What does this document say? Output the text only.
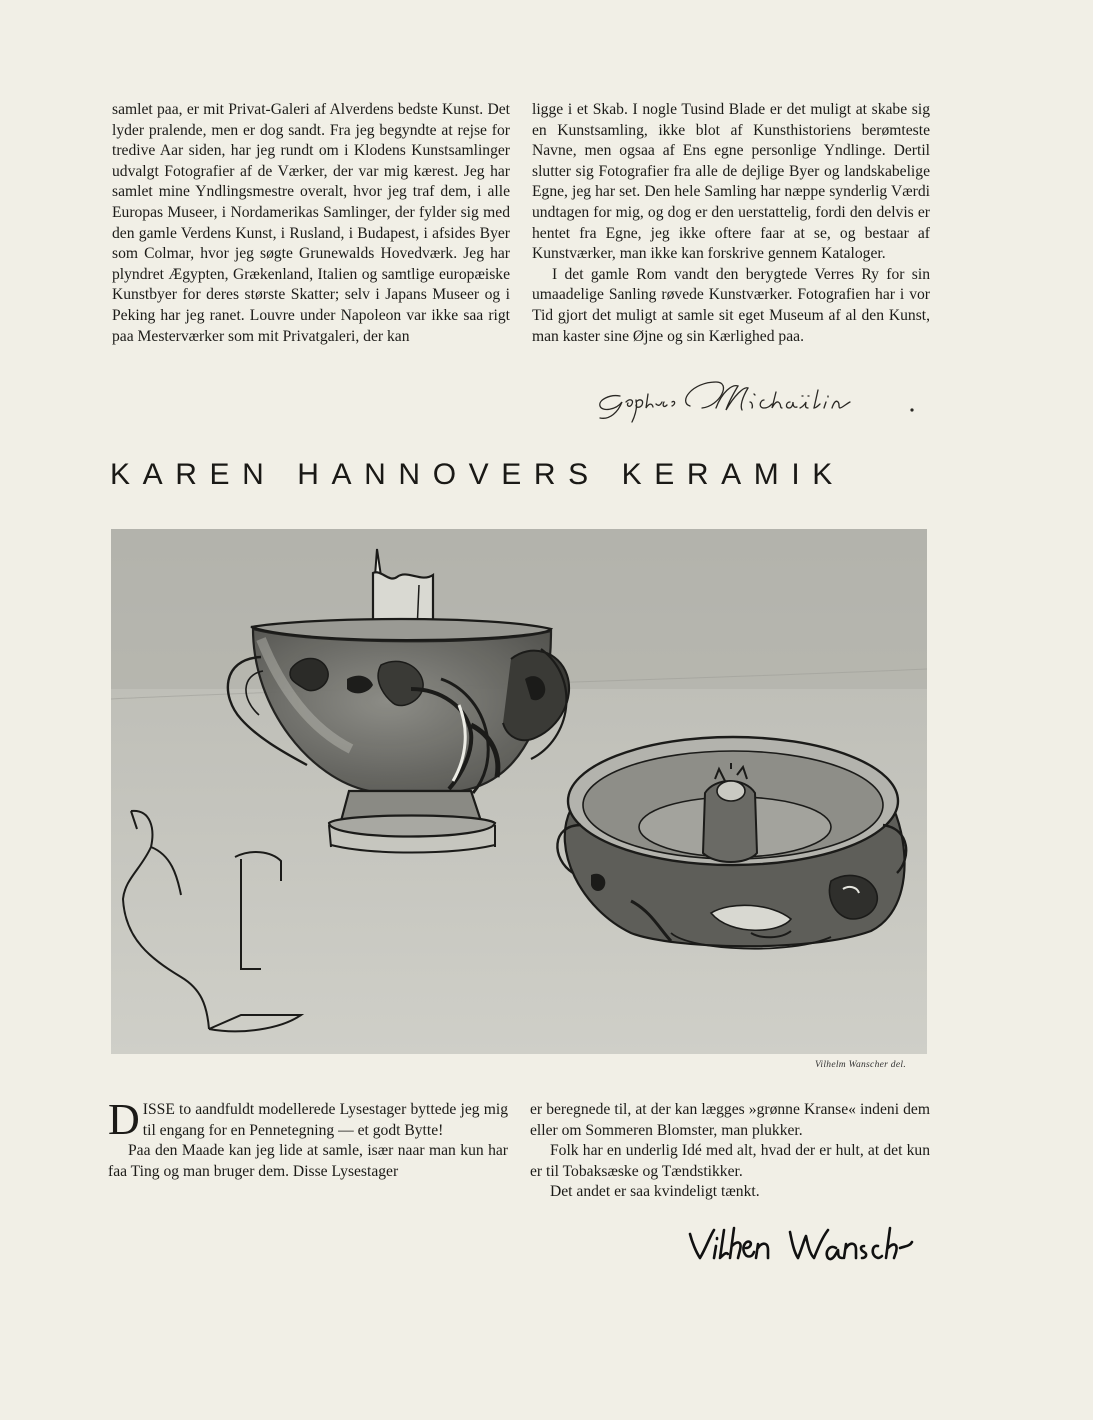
samlet paa, er mit Privat-Galeri af Alverdens bedste Kunst. Det lyder pralende, men er dog sandt. Fra jeg begyndte at rejse for tredive Aar siden, har jeg rundt om i Klodens Kunstsamlinger udvalgt Fotografier af de Værker, der var mig kærest. Jeg har samlet mine Yndlingsmestre overalt, hvor jeg traf dem, i alle Europas Museer, i Nordamerikas Samlinger, der fylder sig med den gamle Verdens Kunst, i Rusland, i Budapest, i afsides Byer som Colmar, hvor jeg søgte Grunewalds Hovedværk. Jeg har plyndret Ægypten, Grækenland, Italien og samtlige europæiske Kunstbyer for deres største Skatter; selv i Japans Museer og i Peking har jeg ranet. Louvre under Napoleon var ikke saa rigt paa Mesterværker som mit Privatgaleri, der kan

ligge i et Skab. I nogle Tusind Blade er det muligt at skabe sig en Kunstsamling, ikke blot af Kunsthistoriens berømteste Navne, men ogsaa af Ens egne personlige Yndlinge. Dertil slutter sig Fotografier fra alle de dejlige Byer og landskabelige Egne, jeg har set. Den hele Samling har næppe synderlig Værdi undtagen for mig, og dog er den uerstattelig, fordi den delvis er hentet fra Egne, jeg ikke oftere faar at se, og bestaar af Kunstværker, man ikke kan forskrive gennem Kataloger.

I det gamle Rom vandt den berygtede Verres Ry for sin umaadelige Sanling røvede Kunstværker. Fotografien har i vor Tid gjort det muligt at samle sit eget Museum af al den Kunst, man kaster sine Øjne og sin Kærlighed paa.

KAREN HANNOVERS KERAMIK
Vilhelm Wanscher del.

DISSE to aandfuldt modellerede Lysestager byttede jeg mig til engang for en Pennetegning — et godt Bytte!

Paa den Maade kan jeg lide at samle, især naar man kun har faa Ting og man bruger dem. Disse Lysestager

er beregnede til, at der kan lægges »grønne Kranse« indeni dem eller om Sommeren Blomster, man plukker.

Folk har en underlig Idé med alt, hvad der er hult, at det kun er til Tobaksæske og Tændstikker.

Det andet er saa kvindeligt tænkt.
